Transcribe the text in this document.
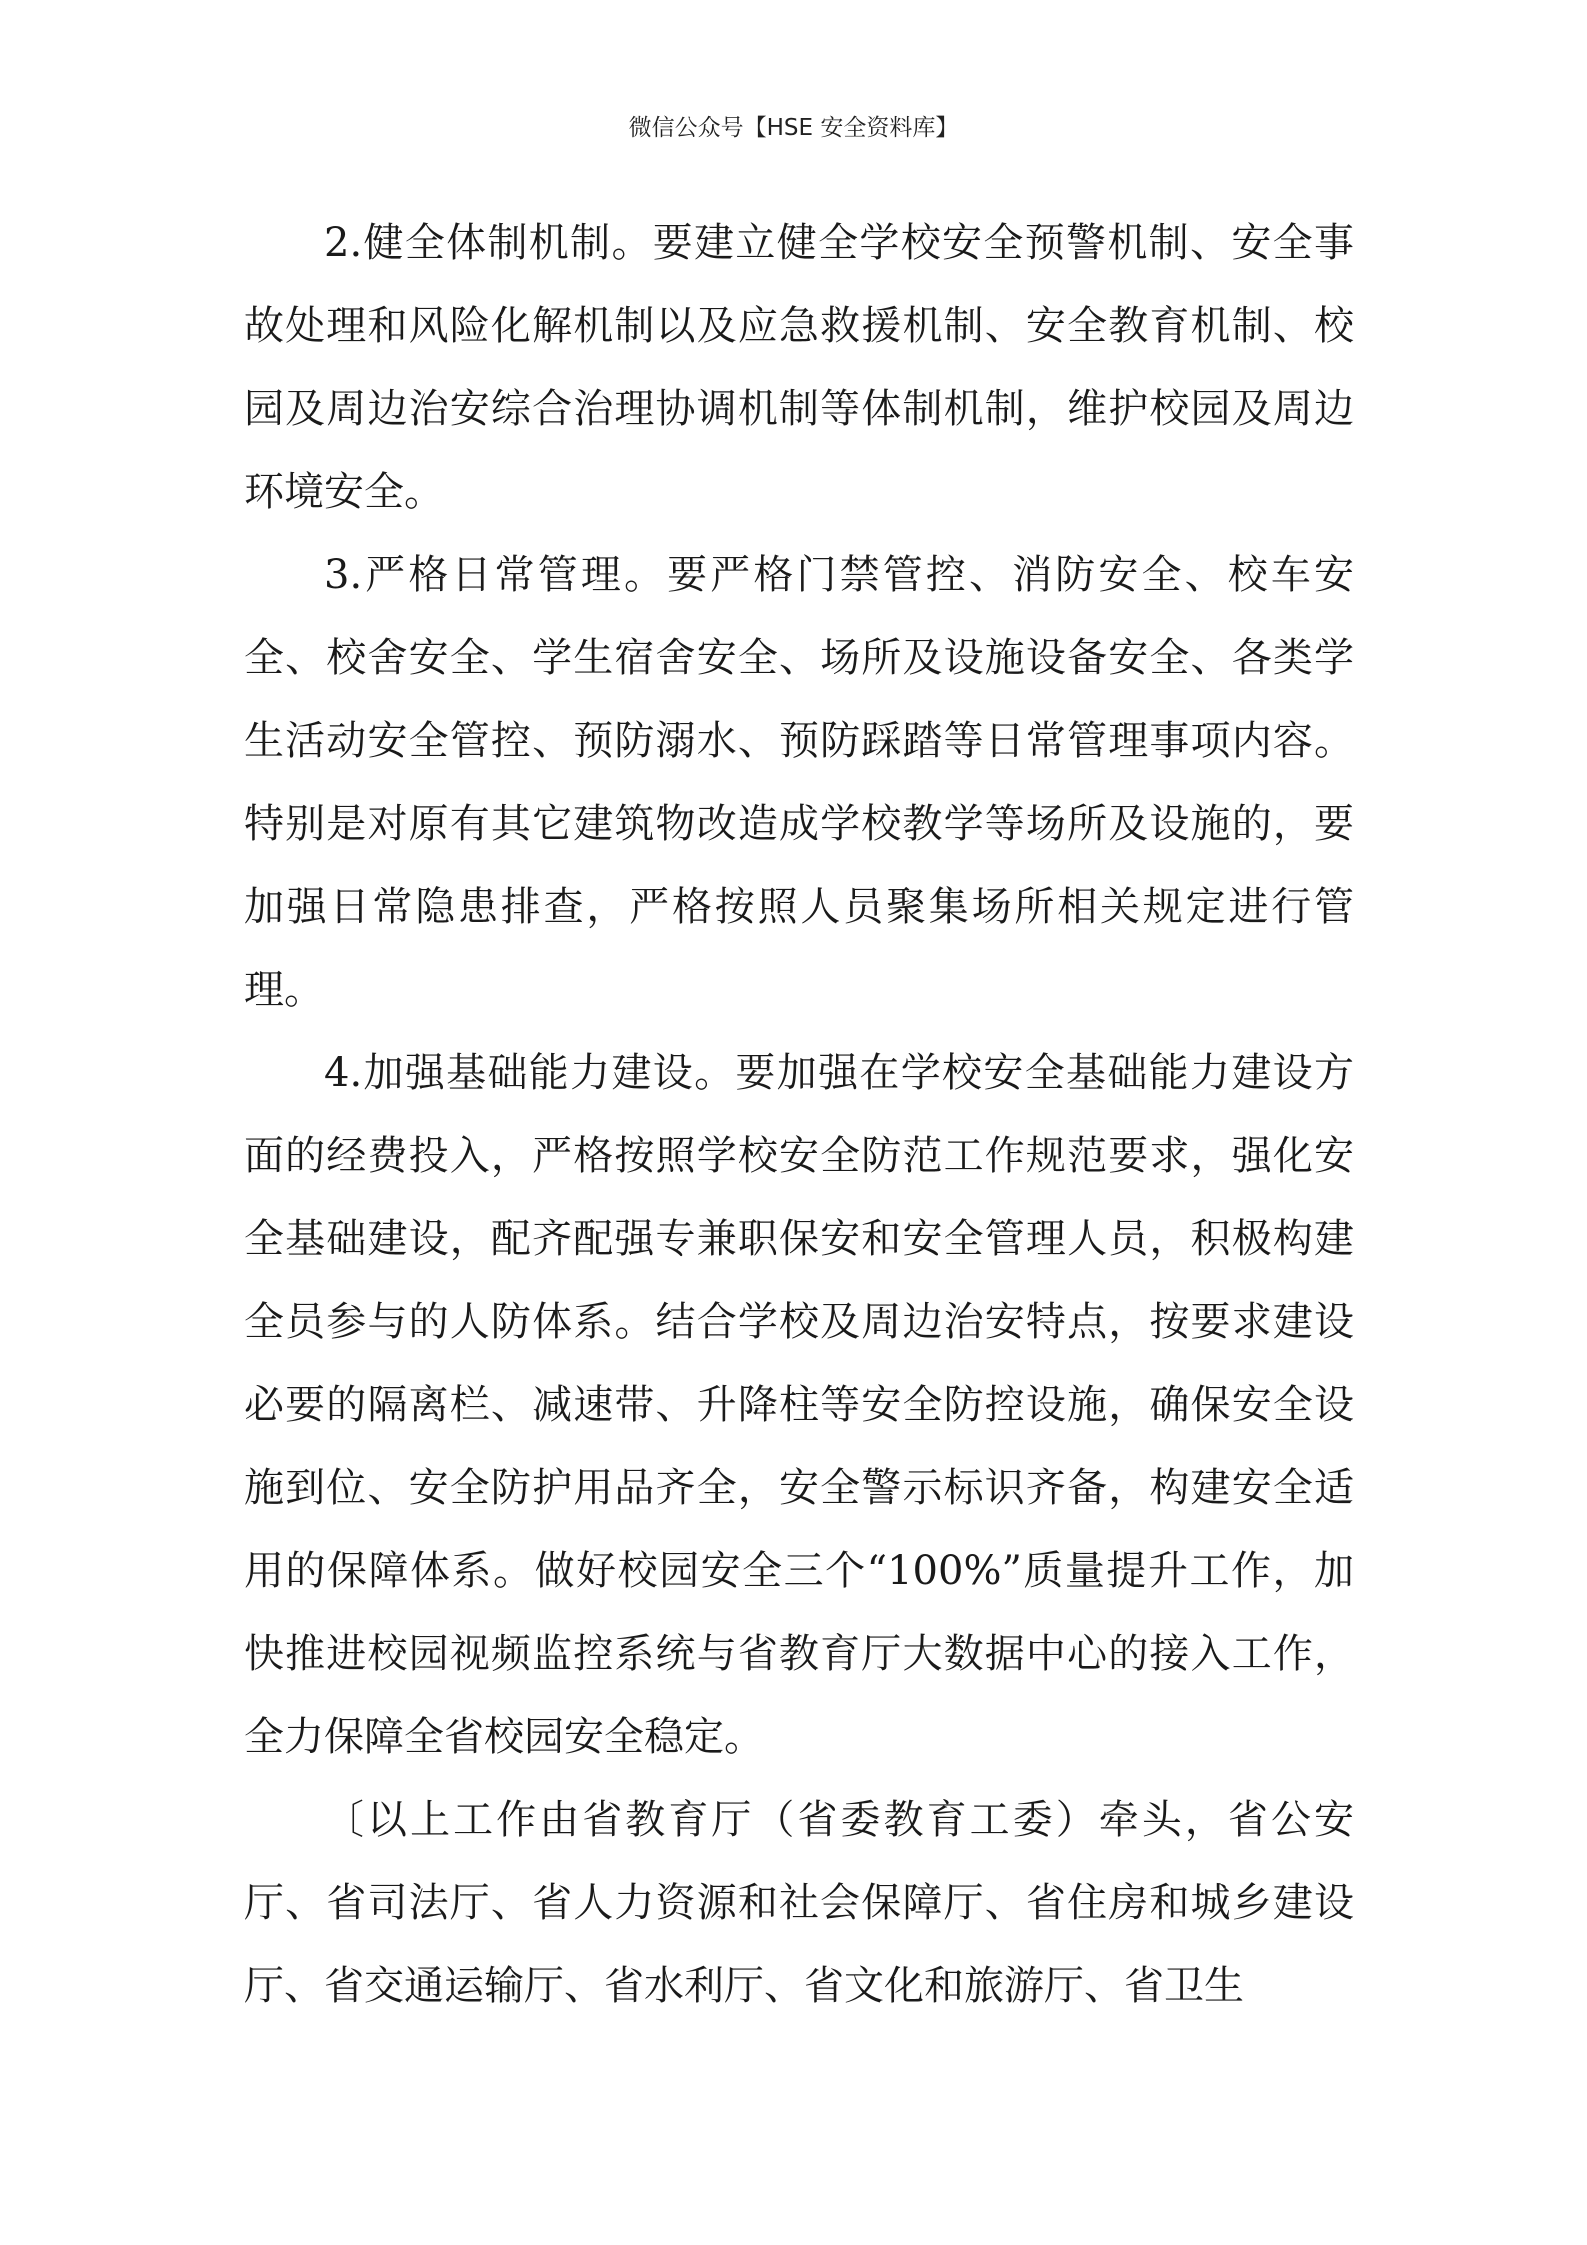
微信公众号【HSE 安全资料库】

2.健全体制机制。要建立健全学校安全预警机制、安全事故处理和风险化解机制以及应急救援机制、安全教育机制、校园及周边治安综合治理协调机制等体制机制，维护校园及周边环境安全。

3.严格日常管理。要严格门禁管控、消防安全、校车安全、校舍安全、学生宿舍安全、场所及设施设备安全、各类学生活动安全管控、预防溺水、预防踩踏等日常管理事项内容。特别是对原有其它建筑物改造成学校教学等场所及设施的，要加强日常隐患排查，严格按照人员聚集场所相关规定进行管理。

4.加强基础能力建设。要加强在学校安全基础能力建设方面的经费投入，严格按照学校安全防范工作规范要求，强化安全基础建设，配齐配强专兼职保安和安全管理人员，积极构建全员参与的人防体系。结合学校及周边治安特点，按要求建设必要的隔离栏、减速带、升降柱等安全防控设施，确保安全设施到位、安全防护用品齐全，安全警示标识齐备，构建安全适用的保障体系。做好校园安全三个“100%”质量提升工作，加快推进校园视频监控系统与省教育厅大数据中心的接入工作，全力保障全省校园安全稳定。

〔以上工作由省教育厅（省委教育工委）牵头，省公安厅、省司法厅、省人力资源和社会保障厅、省住房和城乡建设厅、省交通运输厅、省水利厅、省文化和旅游厅、省卫生
